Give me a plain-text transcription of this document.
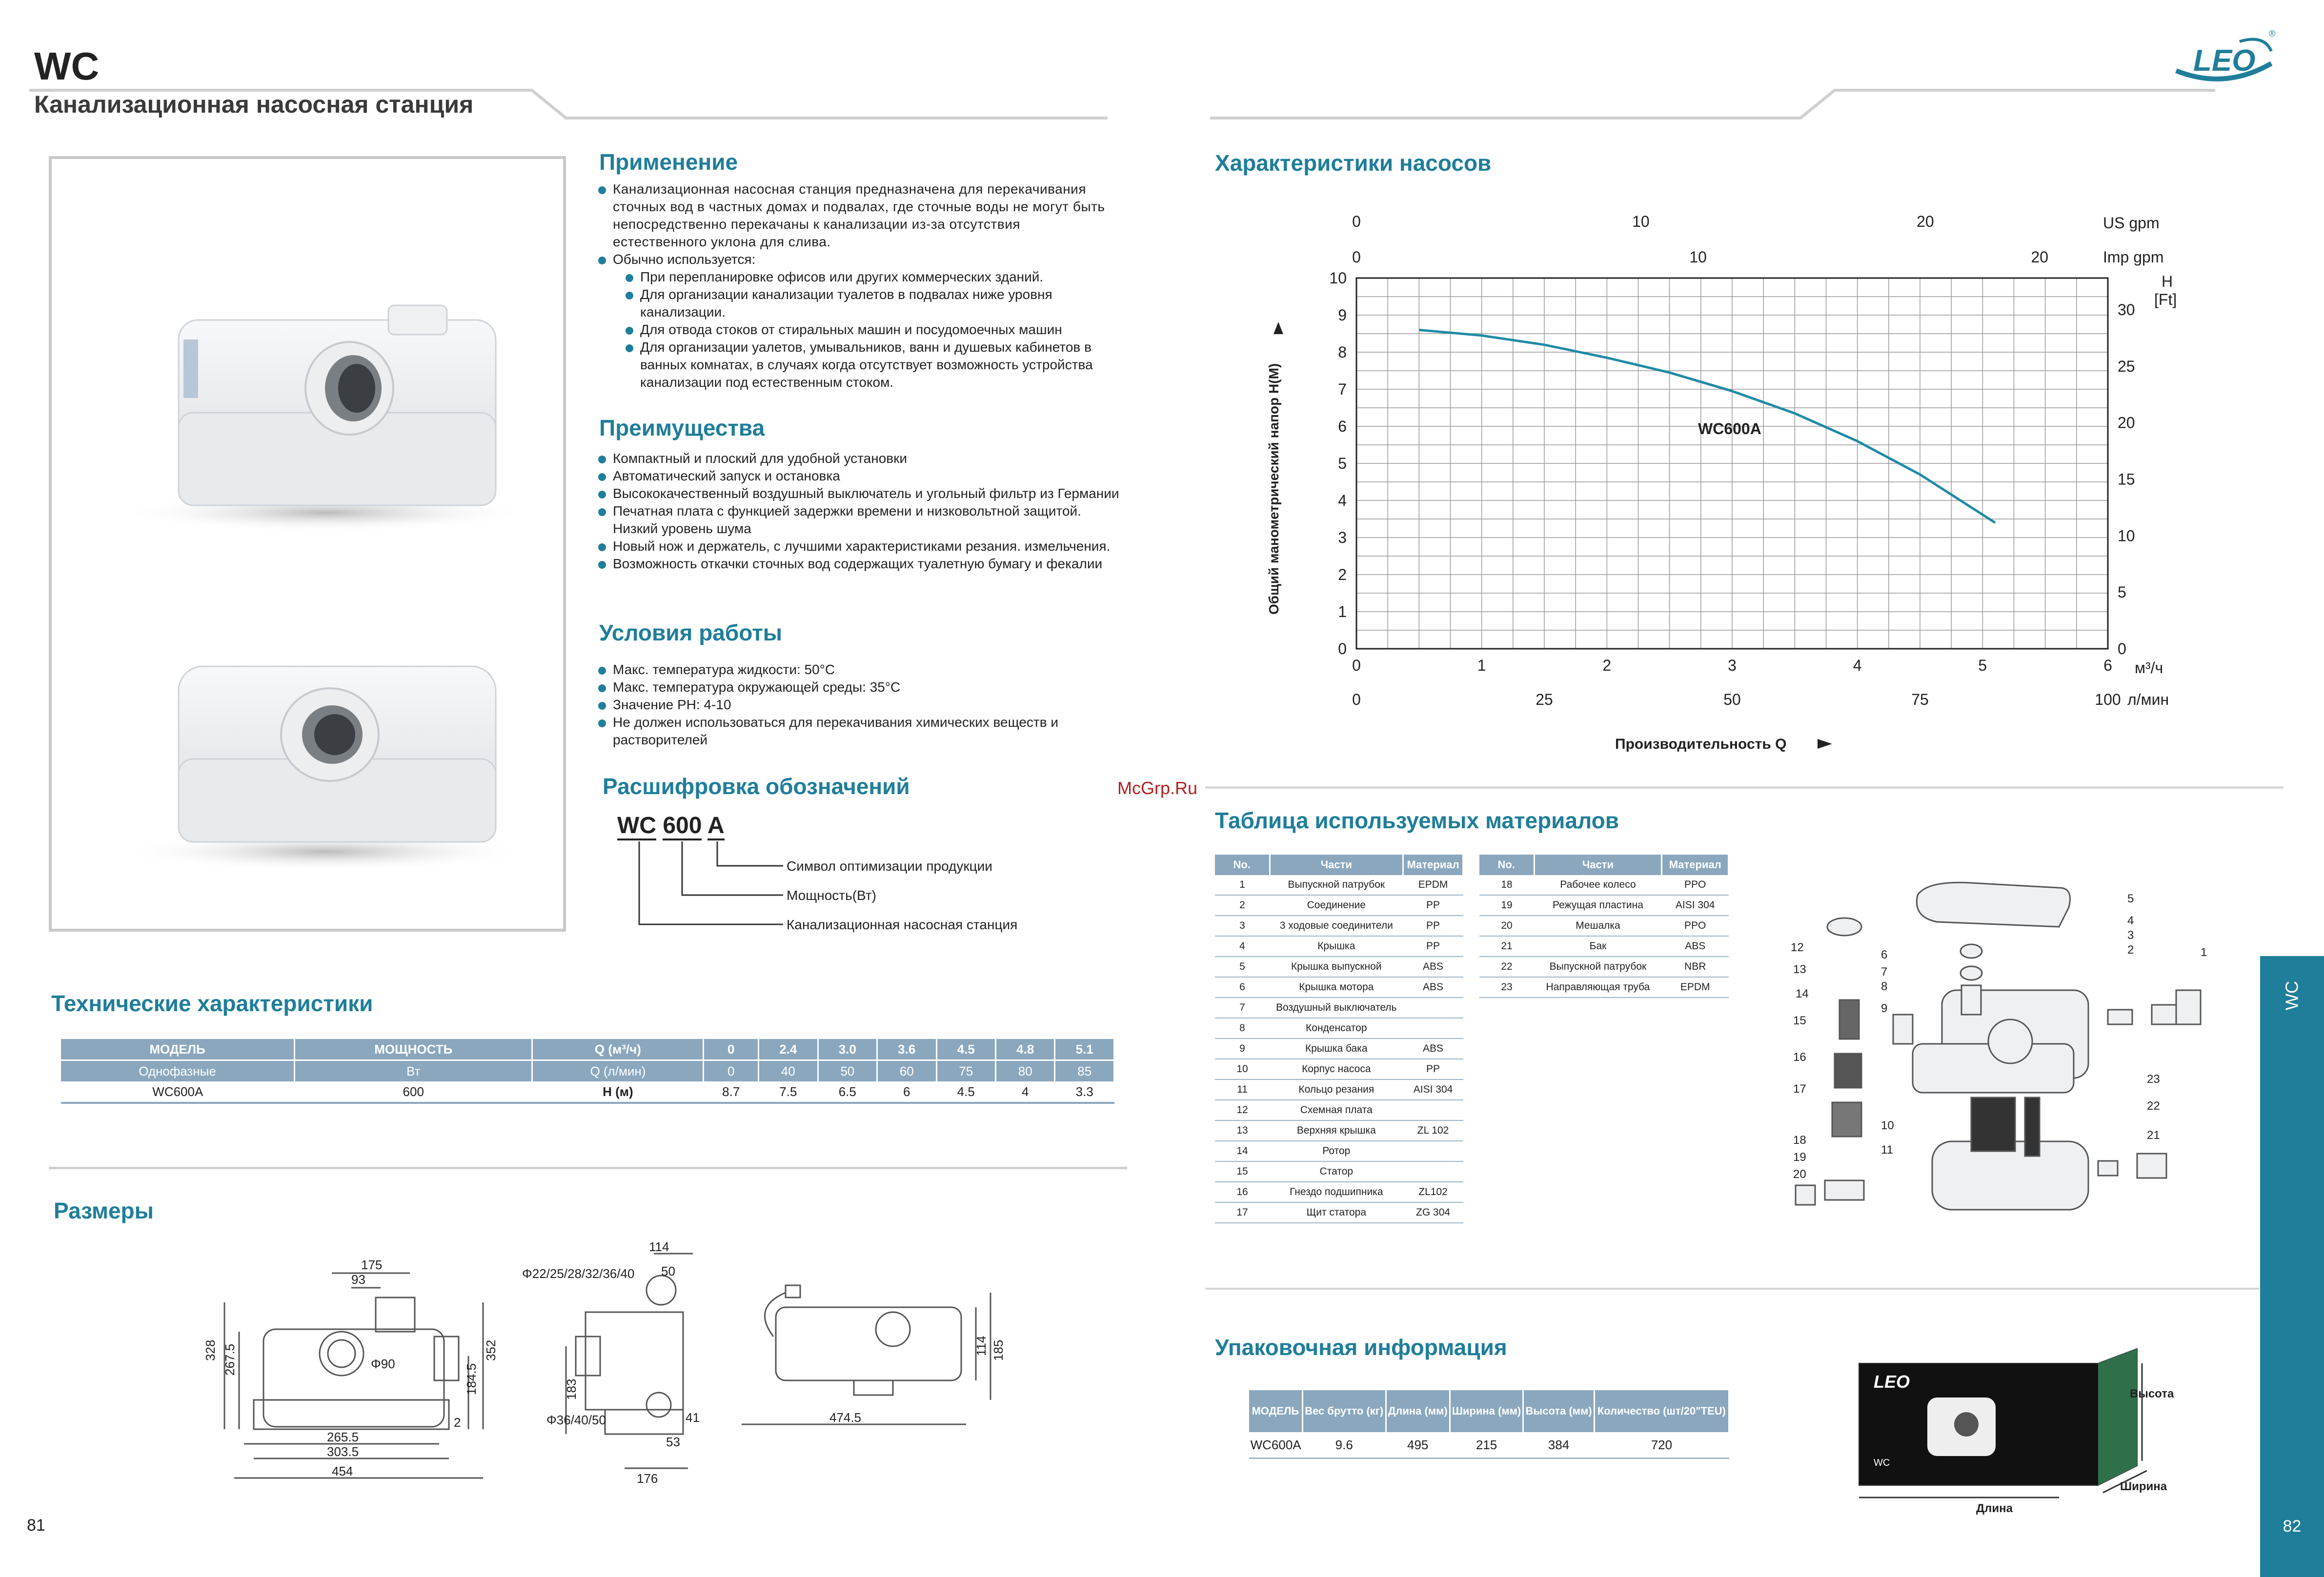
WC
Канализационная насосная станция
Применение
Канализационная насосная станция предназначена для перекачивания сточных вод в частных домах и подвалах, где сточные воды не могут быть непосредственно перекачаны к канализации из-за отсутствия естественного уклона для слива.
Обычно используется:
При перепланировке офисов или других коммерческих зданий.
Для организации канализации туалетов в подвалах ниже уровня канализации.
Для отвода стоков от стиральных машин и посудомоечных машин
Для организации уалетов, умывальников, ванн и душевых кабинетов в ванных комнатах, в случаях когда отсутствует возможность устройства канализации под естественным стоком.
Преимущества
Компактный и плоский для удобной установки
Автоматический запуск и остановка
Высококачественный воздушный выключатель и угольный фильтр из Германии
Печатная плата с функцией задержки времени и низковольтной защитой. Низкий уровень шума
Новый нож и держатель, с лучшими характеристиками резания. измельчения.
Возможность откачки сточных вод содержащих туалетную бумагу и фекалии
Условия работы
Макс. температура жидкости: 50°C
Макс. температура окружающей среды: 35°C
Значение PH: 4-10
Не должен использоваться для перекачивания химических веществ и растворителей
Расшифровка обозначений
WC 600 A
Символ оптимизации продукции
Мощность(Вт)
Канализационная насосная станция
Технические характеристики
МОДЕЛЬ	МОЩНОСТЬ	Q (м³/ч)	0	2.4	3.0	3.6	4.5	4.8	5.1
Однофазные	Вт	Q (л/мин)	0	40	50	60	75	80	85
WC600A	600	H (м)	8.7	7.5	6.5	6	4.5	4	3.3
Размеры
175
93
328 267.5	Φ90
352
184.5
2
265.5
303.5
454
Φ22/25/28/32/36/40
114
50
183
41
53
Φ36/40/50
176
114 185
474.5
81
LEO
®
Характеристики насосов
WC600A
0
1
2
3
4
5
6
7
8
9
10
0	1	2	3	4	5	6
0	25	50	75	100
0	10	20
0	10	20
0
5
10
15
20
25
30
Общий манометрический напор H(M)
US gpm
Imp gpm
H
[Ft]
м³/ч
л/мин
Производительность Q
McGrp.Ru
Таблица используемых материалов
No.	Части	Материал
1	Выпускной патрубок	EPDM
2	Соединение	PP
3	3 ходовые соединители	PP
4	Крышка	PP
5	Крышка выпускной	ABS
6	Крышка мотора	ABS
7	Воздушный выключатель	
8	Конденсатор	
9	Крышка бака	ABS
10	Корпус насоса	PP
11	Кольцо резания	AISI 304
12	Схемная плата	
13	Верхняя крышка	ZL 102
14	Ротор	
15	Статор	
16	Гнездо подшипника	ZL102
17	Щит статора	ZG 304
No.	Части	Материал
18	Рабочее колесо	PPO
19	Режущая пластина	AISI 304
20	Мешалка	PPO
21	Бак	ABS
22	Выпускной патрубок	NBR
23	Направляющая труба	EPDM
5
4
3
2	1
12
6
13	7
8
14
9
15
16
23
17
22
10
21
11
18
19
20
Упаковочная информация
МОДЕЛЬ	Вес брутто (кг)	Длина (мм)	Ширина (мм)	Высота (мм)	Количество (шт/20"TEU)
WC600A	9.6	495	215	384	720
LEO
WC
Длина
Высота
Ширина
WC
82
